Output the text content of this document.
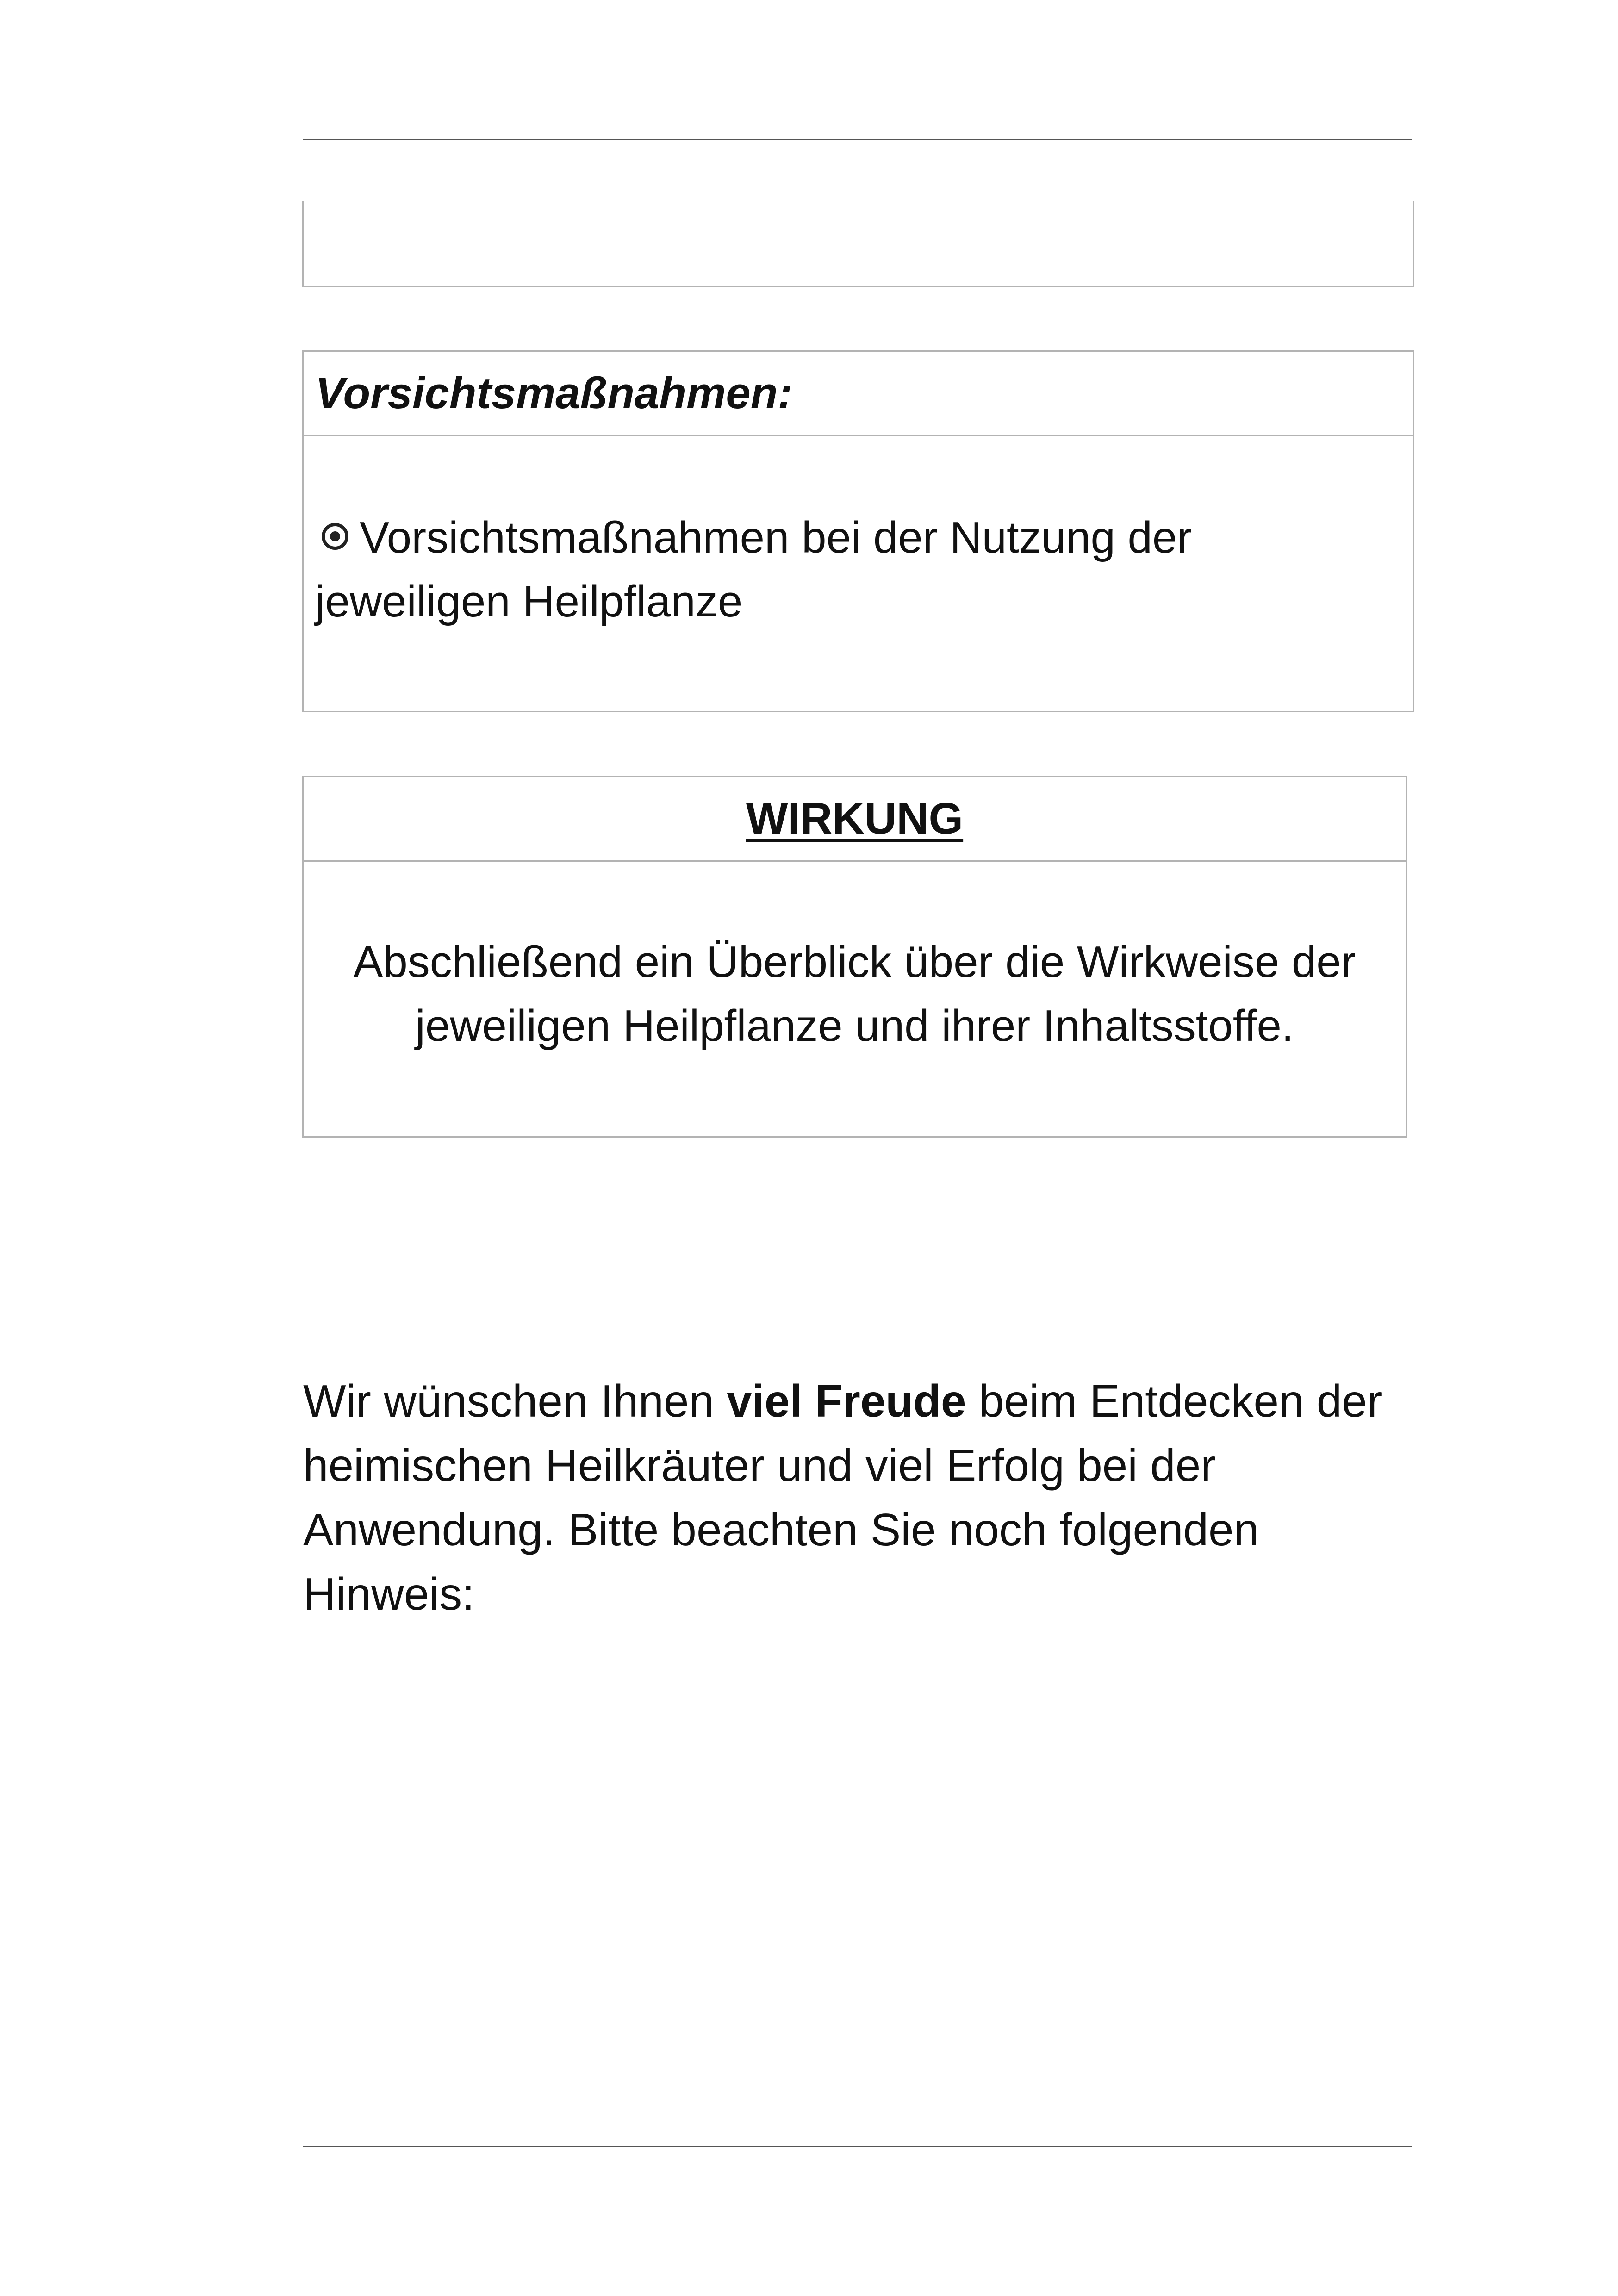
Vorsichtsmaßnahmen:
Vorsichtsmaßnahmen bei der Nutzung der jeweiligen Heilpflanze
WIRKUNG
Abschließend ein Überblick über die Wirkweise der jeweiligen Heilpflanze und ihrer Inhaltsstoffe.

Wir wünschen Ihnen viel Freude beim Entdecken der heimischen Heilkräuter und viel Erfolg bei der Anwendung. Bitte beachten Sie noch folgenden Hinweis:
